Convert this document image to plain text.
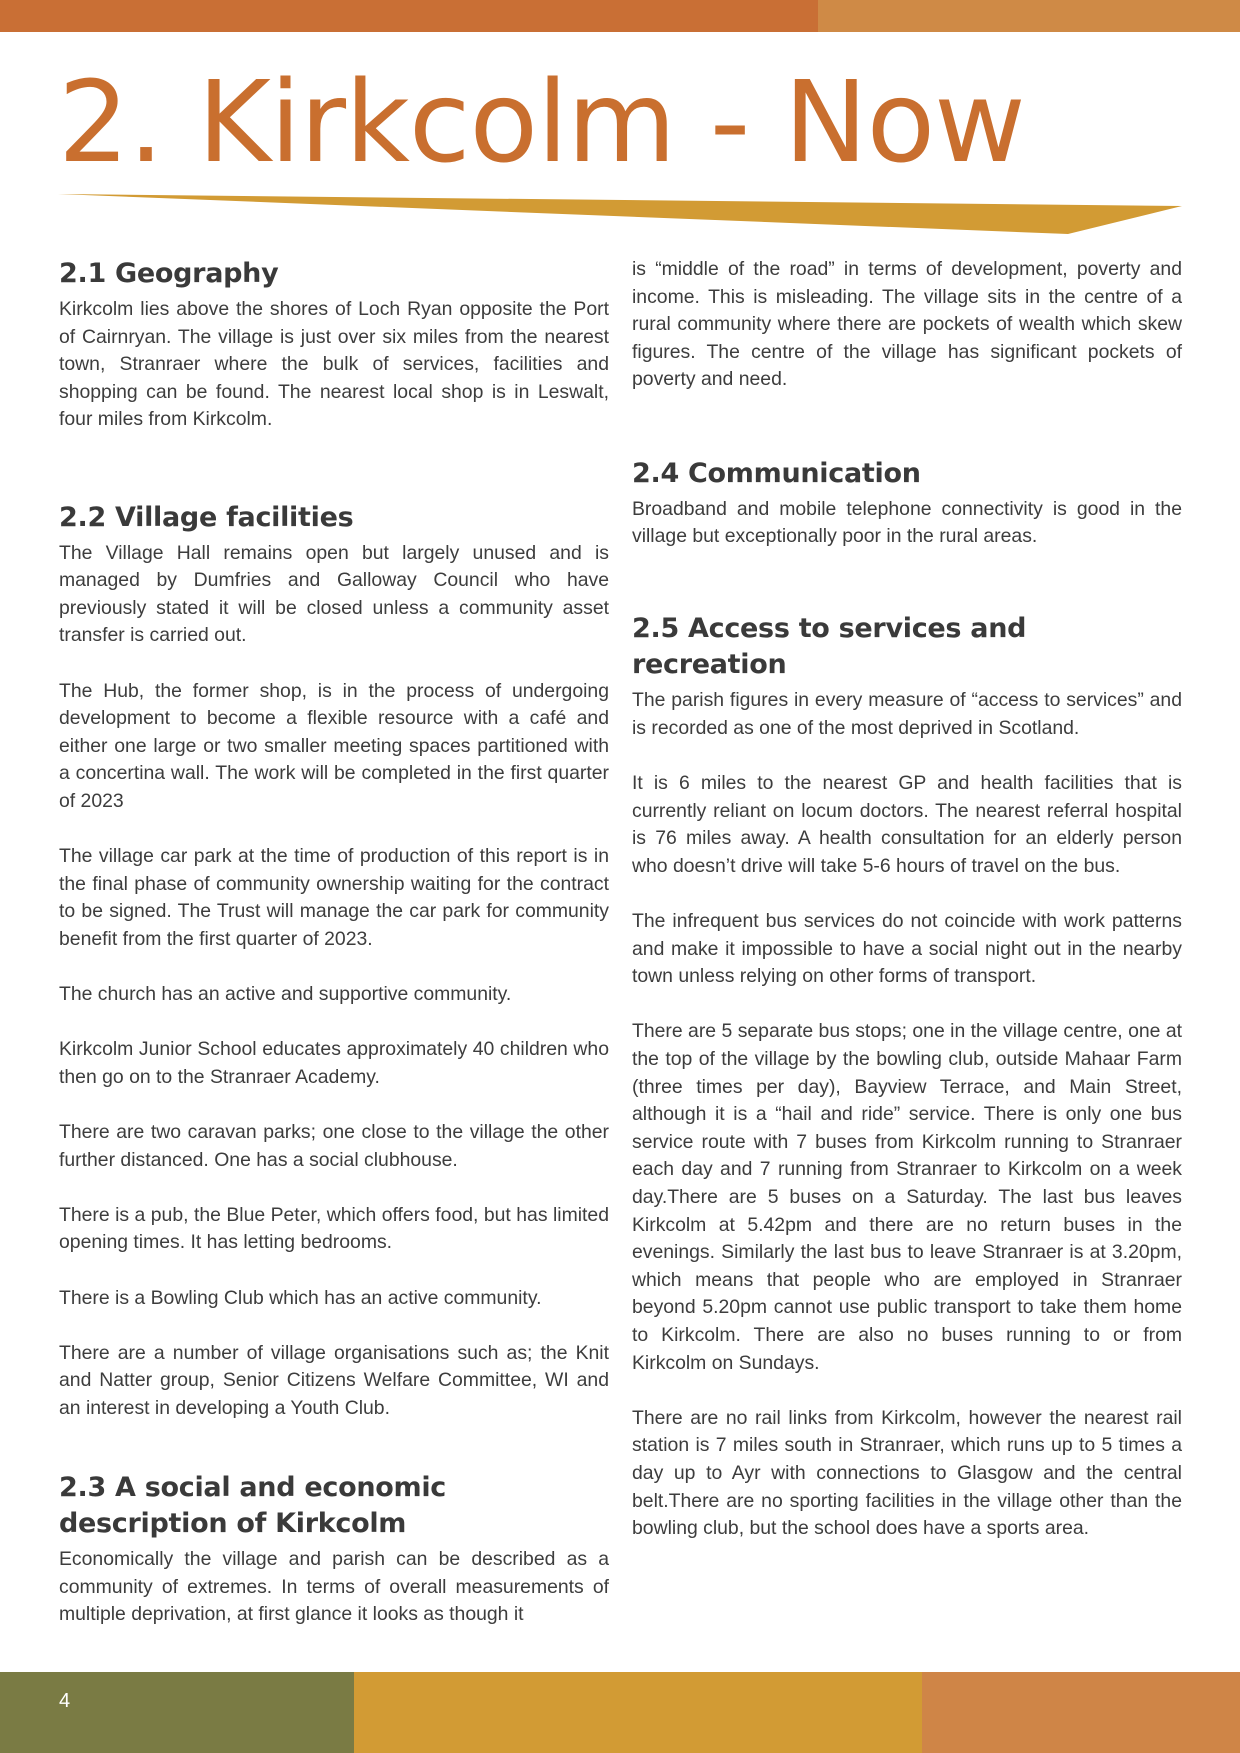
2. Kirkcolm - Now
2.1 Geography

Kirkcolm lies above the shores of Loch Ryan opposite the Port of Cairnryan. The village is just over six miles from the nearest town, Stranraer where the bulk of services, facilities and shopping can be found. The nearest local shop is in Leswalt, four miles from Kirkcolm.

2.2 Village facilities

The Village Hall remains open but largely unused and is managed by Dumfries and Galloway Council who have previously stated it will be closed unless a community asset transfer is carried out.

The Hub, the former shop, is in the process of undergoing development to become a flexible resource with a café and either one large or two smaller meeting spaces partitioned with a concertina wall. The work will be completed in the first quarter of 2023

The village car park at the time of production of this report is in the final phase of community ownership waiting for the contract to be signed. The Trust will manage the car park for community benefit from the first quarter of 2023.

The church has an active and supportive community.

Kirkcolm Junior School educates approximately 40 children who then go on to the Stranraer Academy.

There are two caravan parks; one close to the village the other further distanced. One has a social clubhouse.

There is a pub, the Blue Peter, which offers food, but has limited opening times. It has letting bedrooms.

There is a Bowling Club which has an active community.

There are a number of village organisations such as; the Knit and Natter group, Senior Citizens Welfare Committee, WI and an interest in developing a Youth Club.

2.3 A social and economic description of Kirkcolm

Economically the village and parish can be described as a community of extremes. In terms of overall measurements of multiple deprivation, at first glance it looks as though it

is “middle of the road” in terms of development, poverty and income. This is misleading. The village sits in the centre of a rural community where there are pockets of wealth which skew figures. The centre of the village has significant pockets of poverty and need.

2.4 Communication

Broadband and mobile telephone connectivity is good in the village but exceptionally poor in the rural areas.

2.5 Access to services and recreation

The parish figures in every measure of “access to services” and is recorded as one of the most deprived in Scotland.

It is 6 miles to the nearest GP and health facilities that is currently reliant on locum doctors. The nearest referral hospital is 76 miles away. A health consultation for an elderly person who doesn’t drive will take 5-6 hours of travel on the bus.

The infrequent bus services do not coincide with work patterns and make it impossible to have a social night out in the nearby town unless relying on other forms of transport.

There are 5 separate bus stops; one in the village centre, one at the top of the village by the bowling club, outside Mahaar Farm (three times per day), Bayview Terrace, and Main Street, although it is a “hail and ride” service. There is only one bus service route with 7 buses from Kirkcolm running to Stranraer each day and 7 running from Stranraer to Kirkcolm on a week day.There are 5 buses on a Saturday. The last bus leaves Kirkcolm at 5.42pm and there are no return buses in the evenings. Similarly the last bus to leave Stranraer is at 3.20pm, which means that people who are employed in Stranraer beyond 5.20pm cannot use public transport to take them home to Kirkcolm. There are also no buses running to or from Kirkcolm on Sundays.

There are no rail links from Kirkcolm, however the nearest rail station is 7 miles south in Stranraer, which runs up to 5 times a day up to Ayr with connections to Glasgow and the central belt.There are no sporting facilities in the village other than the bowling club, but the school does have a sports area.

4
